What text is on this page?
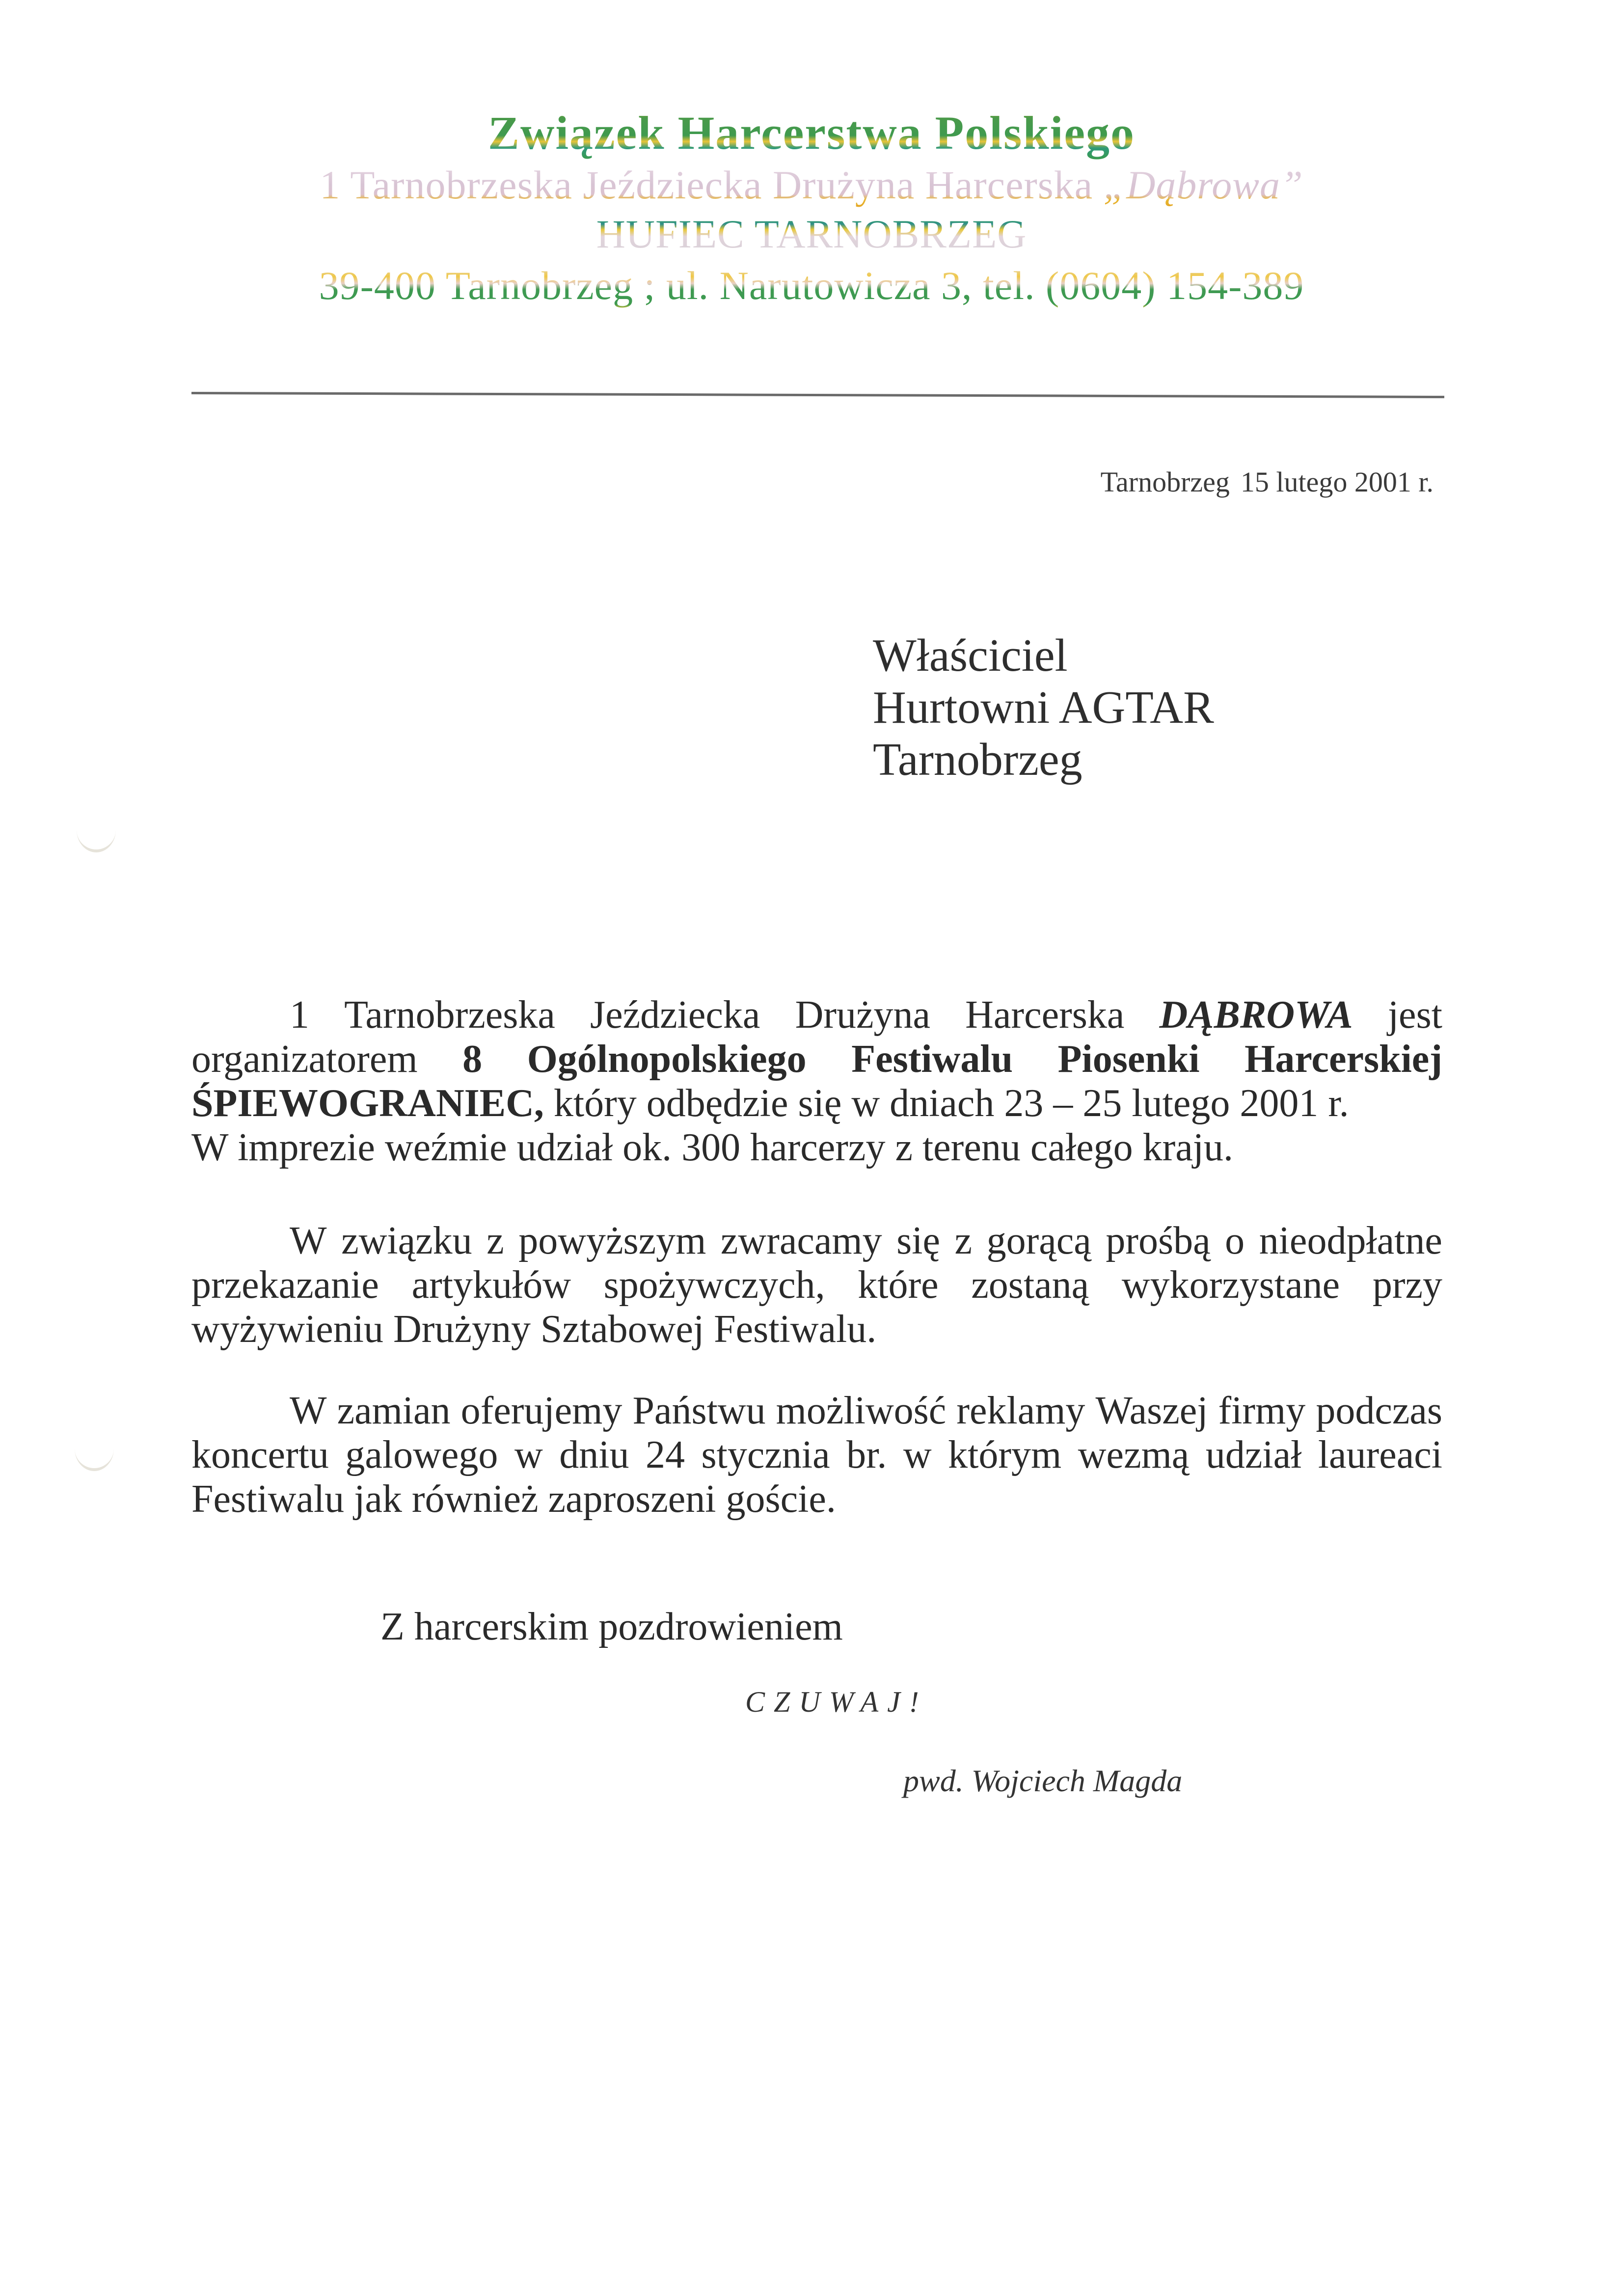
Związek Harcerstwa Polskiego
1 Tarnobrzeska Jeździecka Drużyna Harcerska „Dąbrowa”
HUFIEC TARNOBRZEG
39-400 Tarnobrzeg ; ul. Narutowicza 3, tel. (0604) 154-389
Tarnobrzeg 15 lutego 2001 r.
Właściciel
Hurtowni AGTAR
Tarnobrzeg
1 Tarnobrzeska Jeździecka Drużyna Harcerska DĄBROWA jest
organizatorem 8 Ogólnopolskiego Festiwalu Piosenki Harcerskiej
ŚPIEWOGRANIEC, który odbędzie się w dniach 23 – 25 lutego 2001 r.
W imprezie weźmie udział ok. 300 harcerzy z terenu całego kraju.
W związku z powyższym zwracamy się z gorącą prośbą o nieodpłatne
przekazanie artykułów spożywczych, które zostaną wykorzystane przy
wyżywieniu Drużyny Sztabowej Festiwalu.
W zamian oferujemy Państwu możliwość reklamy Waszej firmy podczas
koncertu galowego w dniu 24 stycznia br. w którym wezmą udział laureaci
Festiwalu jak również zaproszeni goście.
Z harcerskim pozdrowieniem
CZUWAJ!
pwd. Wojciech Magda
